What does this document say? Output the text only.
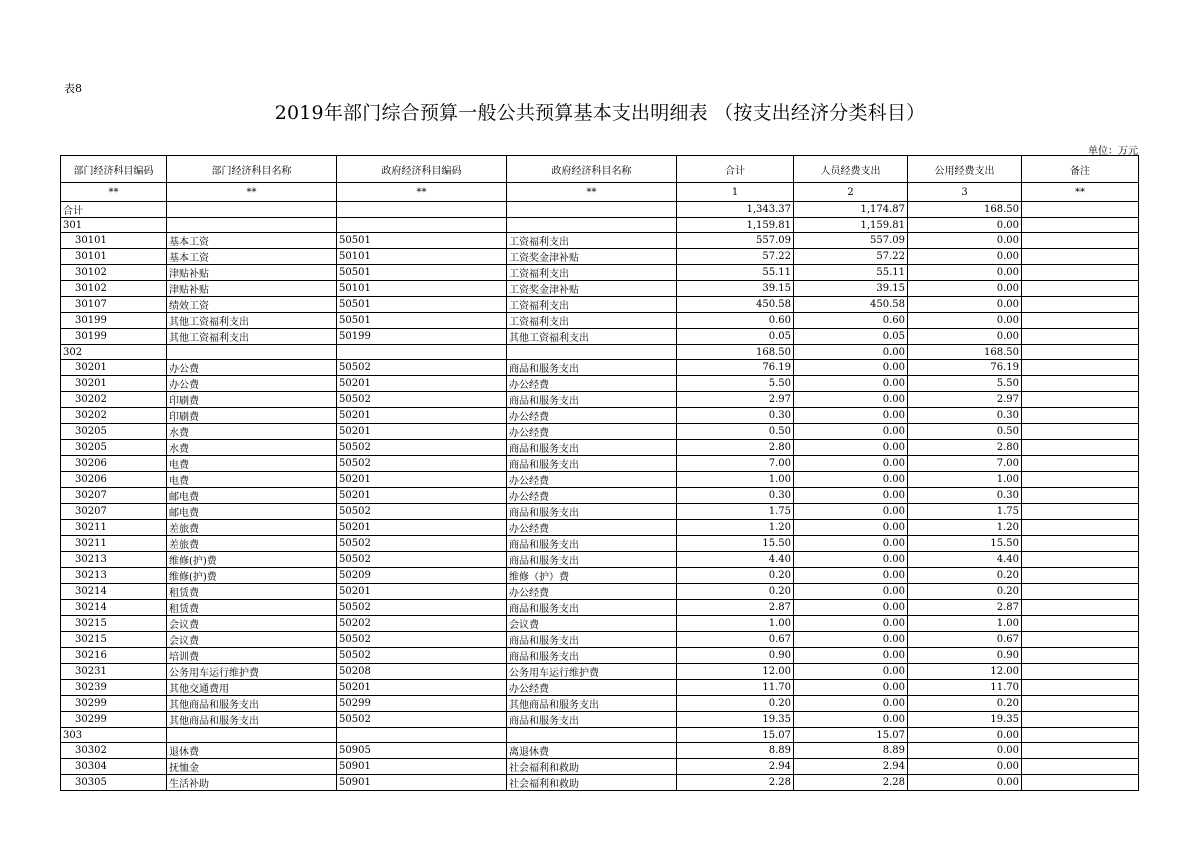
表8
2019年部门综合预算一般公共预算基本支出明细表 （按支出经济分类科目）
单位：万元
部门经济科目编码	部门经济科目名称	政府经济科目编码	政府经济科目名称	合计	人员经费支出	公用经费支出	备注
**	**	**	**	1	2	3	**
合计				1,343.37	1,174.87	168.50	
301				1,159.81	1,159.81	0.00	
30101	基本工资	50501	工资福利支出	557.09	557.09	0.00	
30101	基本工资	50101	工资奖金津补贴	57.22	57.22	0.00	
30102	津贴补贴	50501	工资福利支出	55.11	55.11	0.00	
30102	津贴补贴	50101	工资奖金津补贴	39.15	39.15	0.00	
30107	绩效工资	50501	工资福利支出	450.58	450.58	0.00	
30199	其他工资福利支出	50501	工资福利支出	0.60	0.60	0.00	
30199	其他工资福利支出	50199	其他工资福利支出	0.05	0.05	0.00	
302				168.50	0.00	168.50	
30201	办公费	50502	商品和服务支出	76.19	0.00	76.19	
30201	办公费	50201	办公经费	5.50	0.00	5.50	
30202	印刷费	50502	商品和服务支出	2.97	0.00	2.97	
30202	印刷费	50201	办公经费	0.30	0.00	0.30	
30205	水费	50201	办公经费	0.50	0.00	0.50	
30205	水费	50502	商品和服务支出	2.80	0.00	2.80	
30206	电费	50502	商品和服务支出	7.00	0.00	7.00	
30206	电费	50201	办公经费	1.00	0.00	1.00	
30207	邮电费	50201	办公经费	0.30	0.00	0.30	
30207	邮电费	50502	商品和服务支出	1.75	0.00	1.75	
30211	差旅费	50201	办公经费	1.20	0.00	1.20	
30211	差旅费	50502	商品和服务支出	15.50	0.00	15.50	
30213	维修(护)费	50502	商品和服务支出	4.40	0.00	4.40	
30213	维修(护)费	50209	维修（护）费	0.20	0.00	0.20	
30214	租赁费	50201	办公经费	0.20	0.00	0.20	
30214	租赁费	50502	商品和服务支出	2.87	0.00	2.87	
30215	会议费	50202	会议费	1.00	0.00	1.00	
30215	会议费	50502	商品和服务支出	0.67	0.00	0.67	
30216	培训费	50502	商品和服务支出	0.90	0.00	0.90	
30231	公务用车运行维护费	50208	公务用车运行维护费	12.00	0.00	12.00	
30239	其他交通费用	50201	办公经费	11.70	0.00	11.70	
30299	其他商品和服务支出	50299	其他商品和服务支出	0.20	0.00	0.20	
30299	其他商品和服务支出	50502	商品和服务支出	19.35	0.00	19.35	
303				15.07	15.07	0.00	
30302	退休费	50905	离退休费	8.89	8.89	0.00	
30304	抚恤金	50901	社会福利和救助	2.94	2.94	0.00	
30305	生活补助	50901	社会福利和救助	2.28	2.28	0.00	
